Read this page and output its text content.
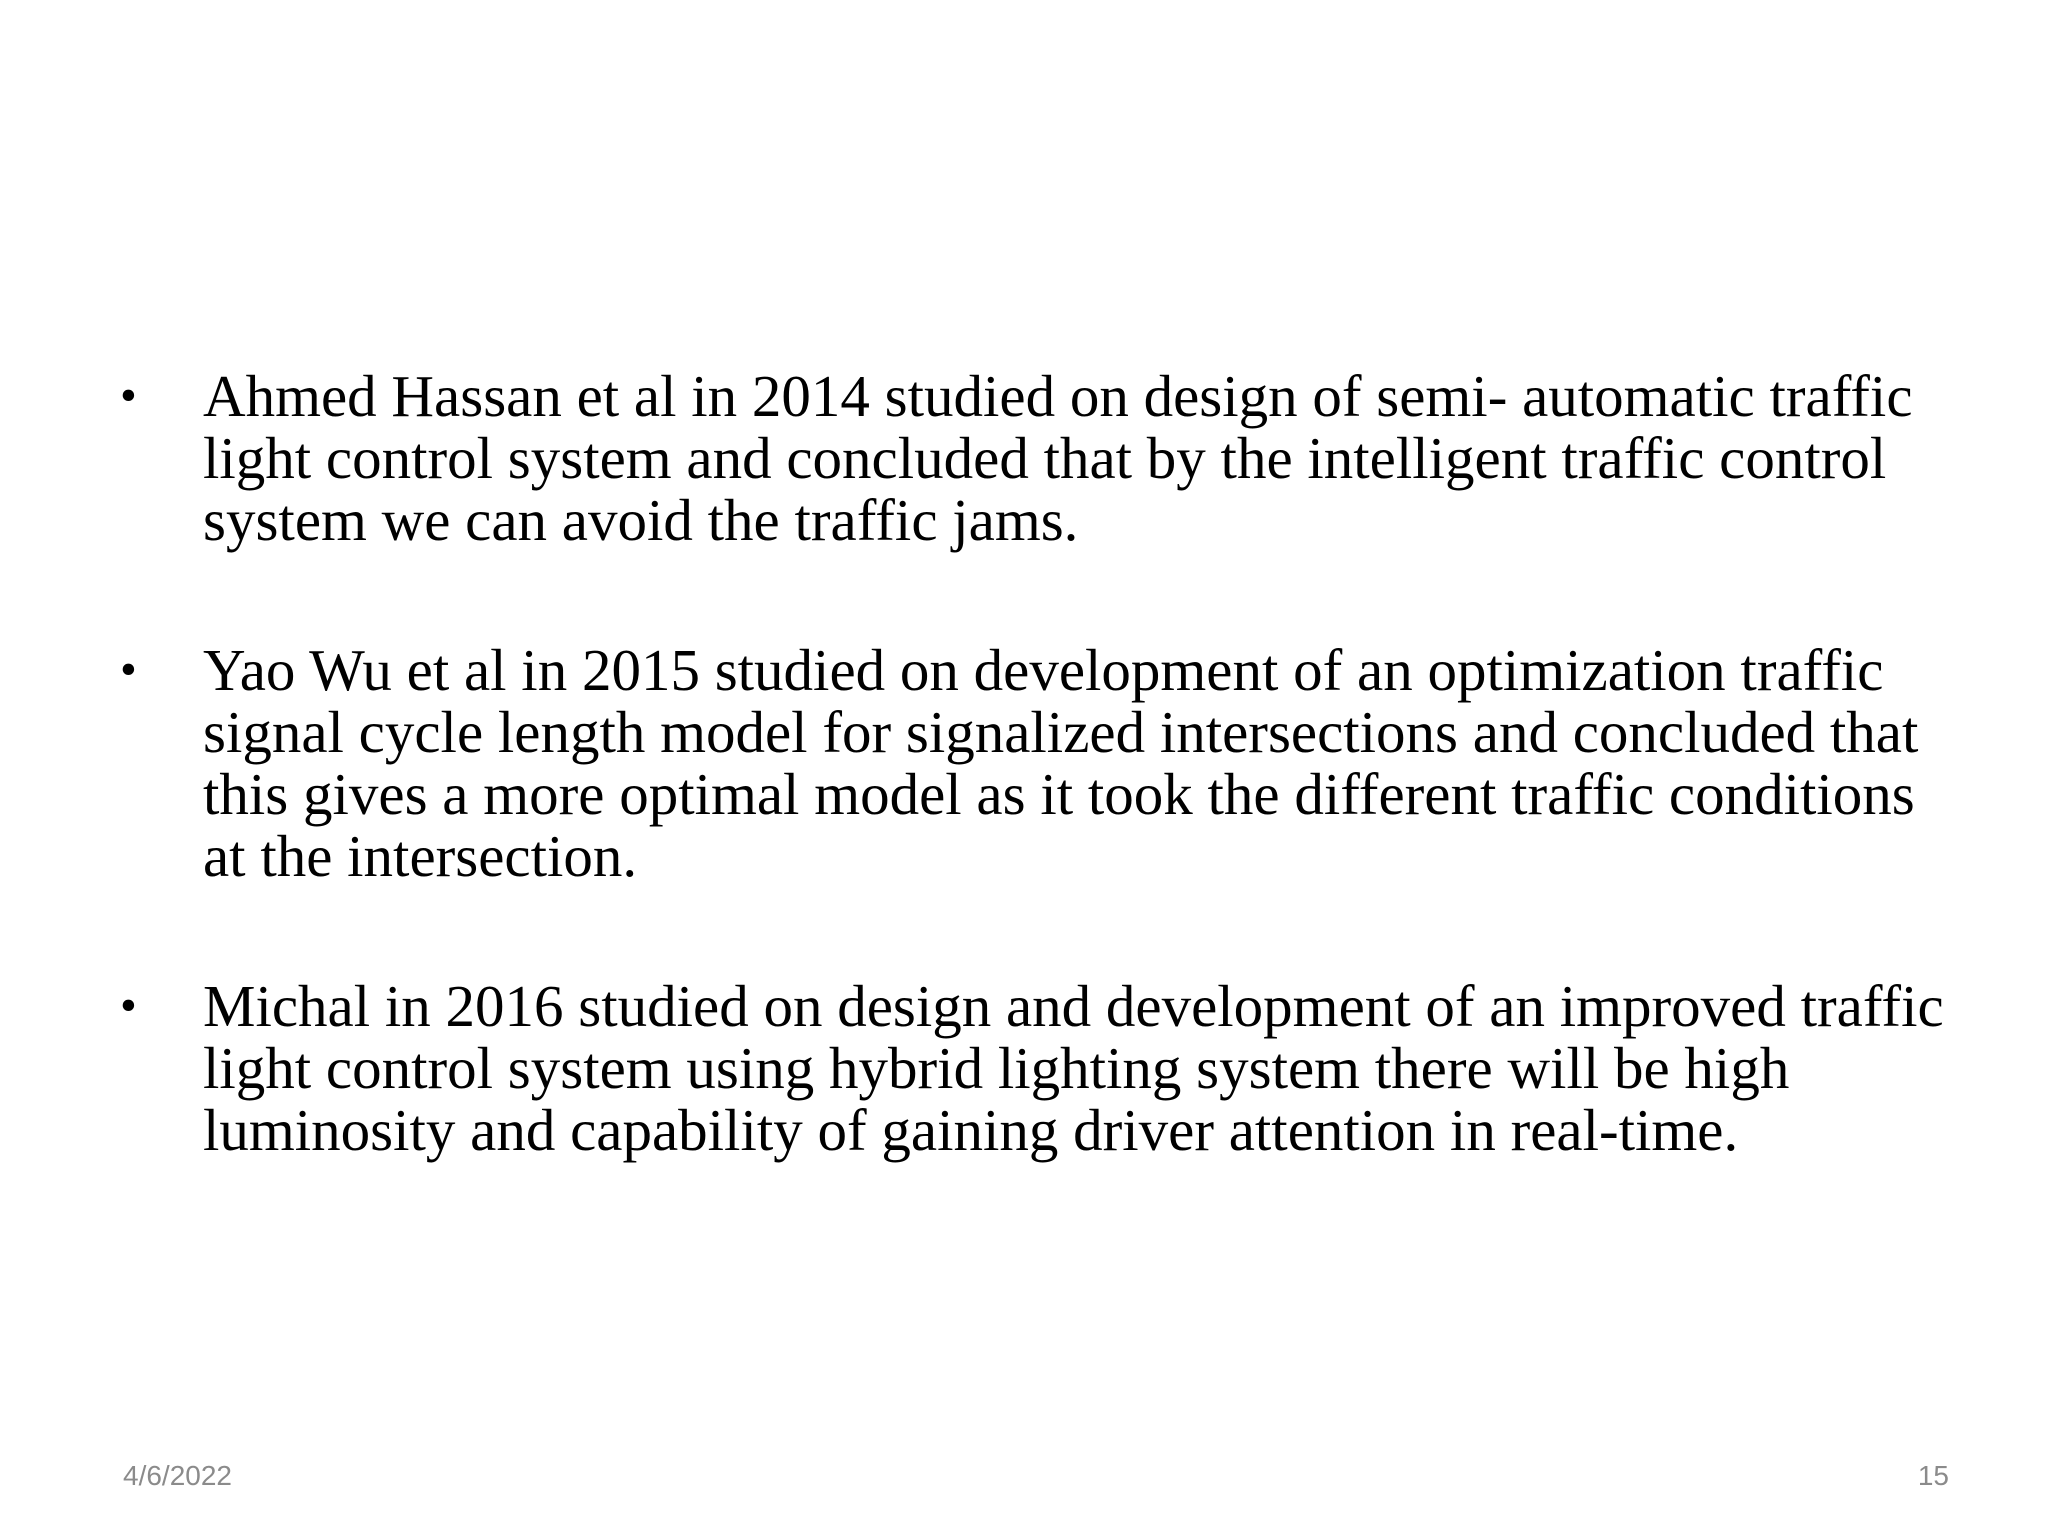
• Ahmed Hassan et al in 2014 studied on design of semi- automatic traffic light control system and concluded that by the intelligent traffic control system we can avoid the traffic jams.
• Yao Wu et al in 2015 studied on development of an optimization traffic signal cycle length model for signalized intersections and concluded that this gives a more optimal model as it took the different traffic conditions at the intersection.
• Michal in 2016 studied on design and development of an improved traffic light control system using hybrid lighting system there will be high luminosity and capability of gaining driver attention in real-time.
4/6/2022	15
